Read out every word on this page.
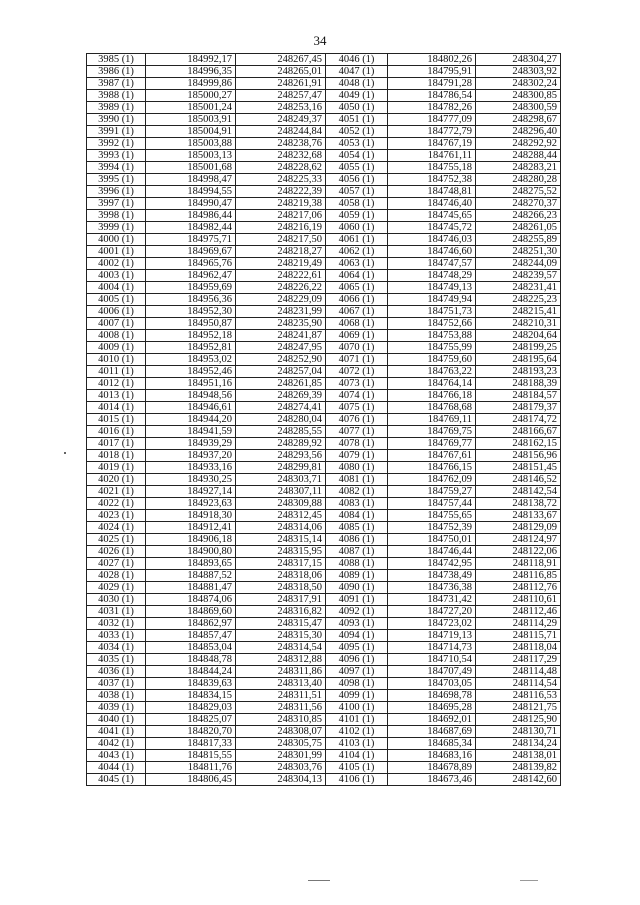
34
3985 (1)	184992,17	248267,45	4046 (1)	184802,26	248304,27
3986 (1)	184996,35	248265,01	4047 (1)	184795,91	248303,92
3987 (1)	184999,86	248261,91	4048 (1)	184791,28	248302,24
3988 (1)	185000,27	248257,47	4049 (1)	184786,54	248300,85
3989 (1)	185001,24	248253,16	4050 (1)	184782,26	248300,59
3990 (1)	185003,91	248249,37	4051 (1)	184777,09	248298,67
3991 (1)	185004,91	248244,84	4052 (1)	184772,79	248296,40
3992 (1)	185003,88	248238,76	4053 (1)	184767,19	248292,92
3993 (1)	185003,13	248232,68	4054 (1)	184761,11	248288,44
3994 (1)	185001,68	248228,62	4055 (1)	184755,18	248283,21
3995 (1)	184998,47	248225,33	4056 (1)	184752,38	248280,28
3996 (1)	184994,55	248222,39	4057 (1)	184748,81	248275,52
3997 (1)	184990,47	248219,38	4058 (1)	184746,40	248270,37
3998 (1)	184986,44	248217,06	4059 (1)	184745,65	248266,23
3999 (1)	184982,44	248216,19	4060 (1)	184745,72	248261,05
4000 (1)	184975,71	248217,50	4061 (1)	184746,03	248255,89
4001 (1)	184969,67	248218,27	4062 (1)	184746,60	248251,30
4002 (1)	184965,76	248219,49	4063 (1)	184747,57	248244,09
4003 (1)	184962,47	248222,61	4064 (1)	184748,29	248239,57
4004 (1)	184959,69	248226,22	4065 (1)	184749,13	248231,41
4005 (1)	184956,36	248229,09	4066 (1)	184749,94	248225,23
4006 (1)	184952,30	248231,99	4067 (1)	184751,73	248215,41
4007 (1)	184950,87	248235,90	4068 (1)	184752,66	248210,31
4008 (1)	184952,18	248241,87	4069 (1)	184753,88	248204,64
4009 (1)	184952,81	248247,95	4070 (1)	184755,99	248199,25
4010 (1)	184953,02	248252,90	4071 (1)	184759,60	248195,64
4011 (1)	184952,46	248257,04	4072 (1)	184763,22	248193,23
4012 (1)	184951,16	248261,85	4073 (1)	184764,14	248188,39
4013 (1)	184948,56	248269,39	4074 (1)	184766,18	248184,57
4014 (1)	184946,61	248274,41	4075 (1)	184768,68	248179,37
4015 (1)	184944,20	248280,04	4076 (1)	184769,11	248174,72
4016 (1)	184941,59	248285,55	4077 (1)	184769,75	248166,67
4017 (1)	184939,29	248289,92	4078 (1)	184769,77	248162,15
4018 (1)	184937,20	248293,56	4079 (1)	184767,61	248156,96
4019 (1)	184933,16	248299,81	4080 (1)	184766,15	248151,45
4020 (1)	184930,25	248303,71	4081 (1)	184762,09	248146,52
4021 (1)	184927,14	248307,11	4082 (1)	184759,27	248142,54
4022 (1)	184923,63	248309,88	4083 (1)	184757,44	248138,72
4023 (1)	184918,30	248312,45	4084 (1)	184755,65	248133,67
4024 (1)	184912,41	248314,06	4085 (1)	184752,39	248129,09
4025 (1)	184906,18	248315,14	4086 (1)	184750,01	248124,97
4026 (1)	184900,80	248315,95	4087 (1)	184746,44	248122,06
4027 (1)	184893,65	248317,15	4088 (1)	184742,95	248118,91
4028 (1)	184887,52	248318,06	4089 (1)	184738,49	248116,85
4029 (1)	184881,47	248318,50	4090 (1)	184736,38	248112,76
4030 (1)	184874,06	248317,91	4091 (1)	184731,42	248110,61
4031 (1)	184869,60	248316,82	4092 (1)	184727,20	248112,46
4032 (1)	184862,97	248315,47	4093 (1)	184723,02	248114,29
4033 (1)	184857,47	248315,30	4094 (1)	184719,13	248115,71
4034 (1)	184853,04	248314,54	4095 (1)	184714,73	248118,04
4035 (1)	184848,78	248312,88	4096 (1)	184710,54	248117,29
4036 (1)	184844,24	248311,86	4097 (1)	184707,49	248114,48
4037 (1)	184839,63	248313,40	4098 (1)	184703,05	248114,54
4038 (1)	184834,15	248311,51	4099 (1)	184698,78	248116,53
4039 (1)	184829,03	248311,56	4100 (1)	184695,28	248121,75
4040 (1)	184825,07	248310,85	4101 (1)	184692,01	248125,90
4041 (1)	184820,70	248308,07	4102 (1)	184687,69	248130,71
4042 (1)	184817,33	248305,75	4103 (1)	184685,34	248134,24
4043 (1)	184815,55	248301,99	4104 (1)	184683,16	248138,01
4044 (1)	184811,76	248303,76	4105 (1)	184678,89	248139,82
4045 (1)	184806,45	248304,13	4106 (1)	184673,46	248142,60
